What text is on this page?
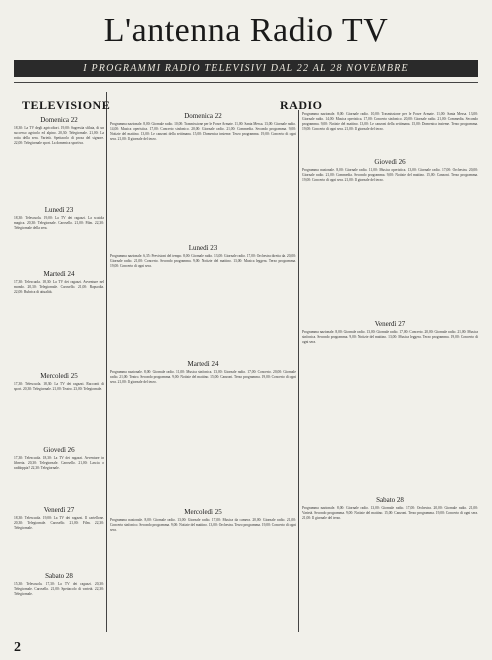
L'antenna Radio TV
I PROGRAMMI RADIO TELEVISIVI DAL 22 AL 28 NOVEMBRE
TELEVISIONE	RADIO
Domenica 22
18,30: La TV degli agricoltori. 19,00: Sagrestia sfilata, di un successo agricolo ed alpino. 20,30: Telegiornale. 21,00: La rotta della sera. Varietà. Spettacolo di prosa del signore. 22,00: Telegiornale sport. La domenica sportiva.
Lunedì 23
18,30: Telescuola. 19,00: La TV dei ragazzi. La scatola magica. 20,30: Telegiornale. Carosello. 21,00: Film. 22,30: Telegiornale della sera.
Martedì 24
17,30: Telescuola. 18,30: La TV dei ragazzi. Avventure nel mondo. 20,30: Telegiornale. Carosello. 21,00: Rapsodia. 22,00: Rubrica di attualità.
Mercoledì 25
17,30: Telescuola. 18,30: La TV dei ragazzi. Racconti di sport. 20,30: Telegiornale. 21,00: Teatro. 23,00: Telegiornale.
Giovedì 26
17,30: Telescuola. 18,30: La TV dei ragazzi. Avventure in libreria. 20,30: Telegiornale. Carosello. 21,00: Lascia o raddoppia? 22,30: Telegiornale.
Venerdì 27
18,30: Telescuola. 19,00: La TV dei ragazzi. Il cartellone. 20,30: Telegiornale. Carosello. 21,00: Film. 22,30: Telegiornale.
Sabato 28
15,30: Telescuola. 17,30: La TV dei ragazzi. 20,30: Telegiornale. Carosello. 21,00: Spettacolo di varietà. 22,30: Telegiornale.
Domenica 22
Programma nazionale. 8,00: Giornale radio. 10,00: Trasmissione per le Forze Armate. 11,00: Santa Messa. 13,00: Giornale radio. 14,00: Musica operistica. 17,00: Concerto sinfonico. 20,00: Giornale radio. 21,00: Commedia. Secondo programma. 9,00: Notizie del mattino. 13,00: Le canzoni della settimana. 15,00: Domenica insieme. Terzo programma. 19,00: Concerto di ogni sera. 21,00: Il giornale del terzo.
Lunedì 23
Programma nazionale. 6,35: Previsioni del tempo. 8,00: Giornale radio. 13,00: Giornale radio. 17,00: Orchestra diretta da. 20,00: Giornale radio. 21,00: Concerto. Secondo programma. 9,00: Notizie del mattino. 13,00: Musica leggera. Terzo programma. 19,00: Concerto di ogni sera.
Martedì 24
Programma nazionale. 8,00: Giornale radio. 11,00: Musica sinfonica. 13,00: Giornale radio. 17,00: Concerto. 20,00: Giornale radio. 21,00: Teatro. Secondo programma. 9,00: Notizie del mattino. 15,00: Canzoni. Terzo programma. 19,00: Concerto di ogni sera. 21,00: Il giornale del terzo.
Mercoledì 25
Programma nazionale. 8,00: Giornale radio. 13,00: Giornale radio. 17,00: Musica da camera. 20,00: Giornale radio. 21,00: Concerto sinfonico. Secondo programma. 9,00: Notizie del mattino. 13,00: Orchestra. Terzo programma. 19,00: Concerto di ogni sera.
Programma nazionale. 8,00: Giornale radio. 10,00: Trasmissione per le Forze Armate. 11,00: Santa Messa. 13,00: Giornale radio. 14,00: Musica operistica. 17,00: Concerto sinfonico. 20,00: Giornale radio. 21,00: Commedia. Secondo programma. 9,00: Notizie del mattino. 13,00: Le canzoni della settimana. 15,00: Domenica insieme. Terzo programma. 19,00: Concerto di ogni sera. 21,00: Il giornale del terzo.
Giovedì 26
Programma nazionale. 8,00: Giornale radio. 11,00: Musica operistica. 13,00: Giornale radio. 17,00: Orchestra. 20,00: Giornale radio. 21,00: Commedia. Secondo programma. 9,00: Notizie del mattino. 15,00: Canzoni. Terzo programma. 19,00: Concerto di ogni sera. 21,00: Il giornale del terzo.
Venerdì 27
Programma nazionale. 8,00: Giornale radio. 13,00: Giornale radio. 17,00: Concerto. 20,00: Giornale radio. 21,00: Musica sinfonica. Secondo programma. 9,00: Notizie del mattino. 13,00: Musica leggera. Terzo programma. 19,00: Concerto di ogni sera.
Sabato 28
Programma nazionale. 8,00: Giornale radio. 13,00: Giornale radio. 17,00: Orchestra. 20,00: Giornale radio. 21,00: Varietà. Secondo programma. 9,00: Notizie del mattino. 15,00: Canzoni. Terzo programma. 19,00: Concerto di ogni sera. 21,00: Il giornale del terzo.
2
